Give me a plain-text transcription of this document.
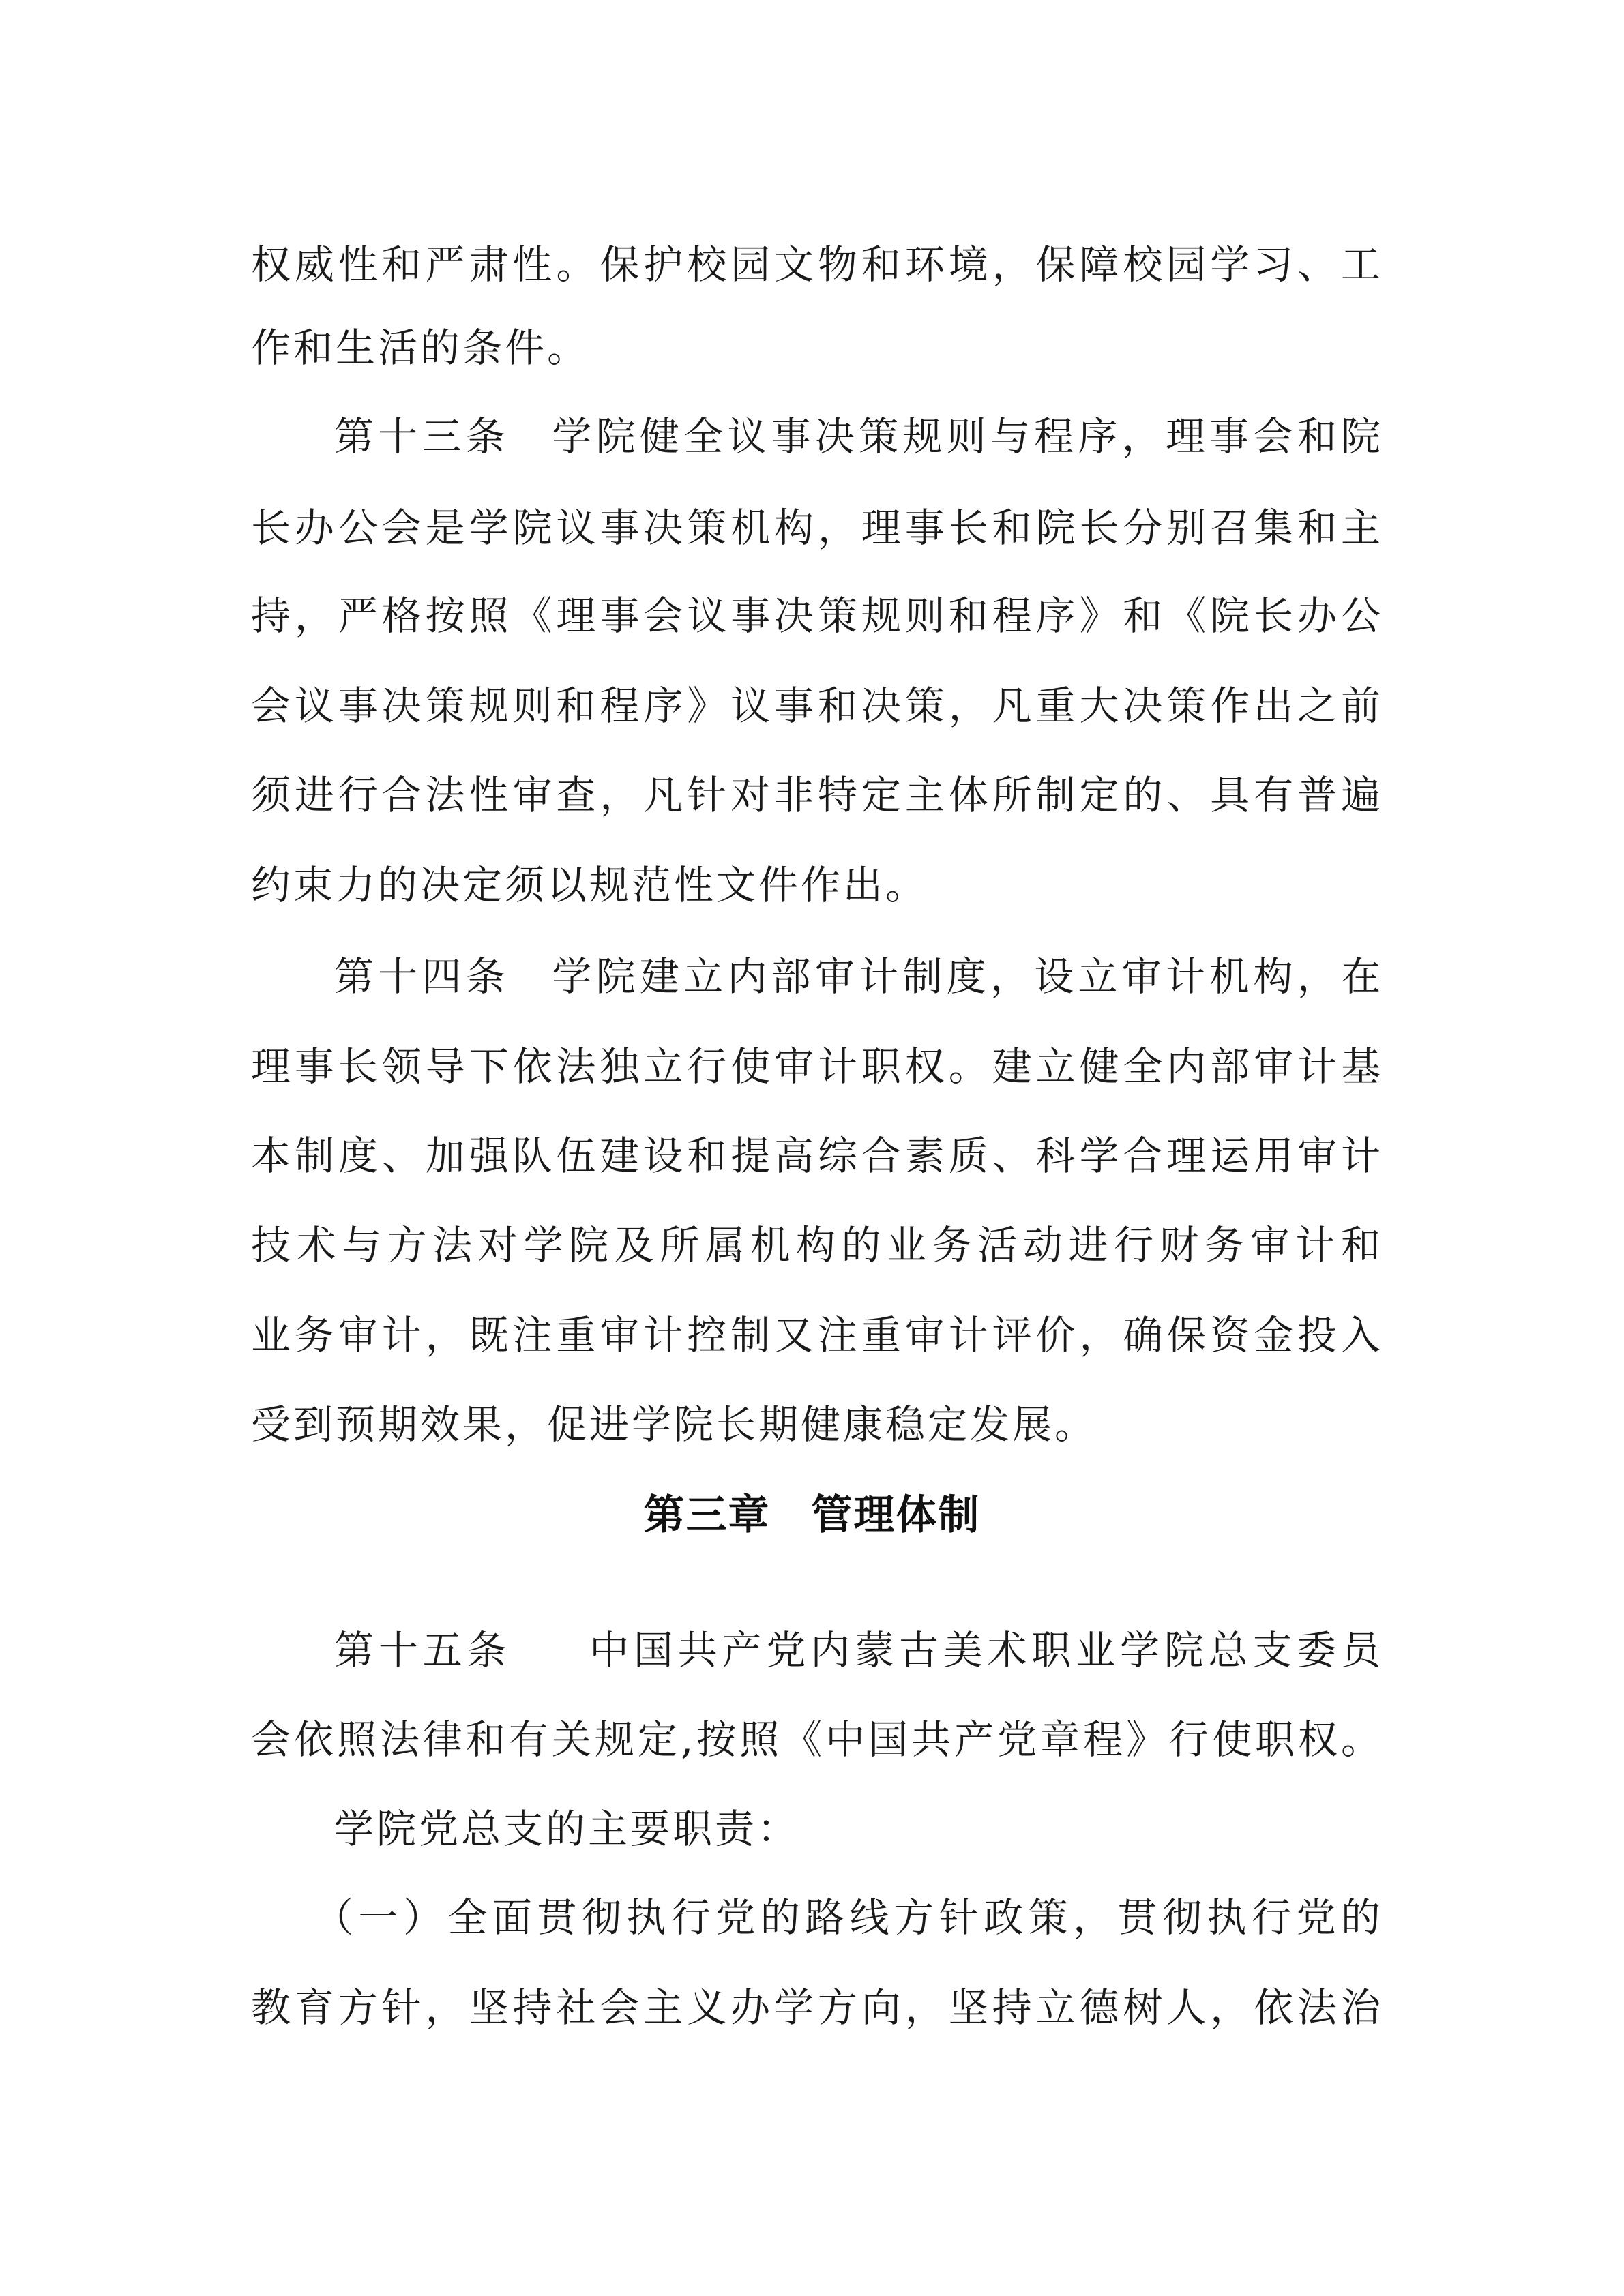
权威性和严肃性。保护校园文物和环境，保障校园学习、工
作和生活的条件。
第十三条 学院健全议事决策规则与程序，理事会和院
长办公会是学院议事决策机构，理事长和院长分别召集和主
持，严格按照《理事会议事决策规则和程序》和《院长办公
会议事决策规则和程序》议事和决策，凡重大决策作出之前
须进行合法性审查，凡针对非特定主体所制定的、具有普遍
约束力的决定须以规范性文件作出。
第十四条 学院建立内部审计制度，设立审计机构，在
理事长领导下依法独立行使审计职权。建立健全内部审计基
本制度、加强队伍建设和提高综合素质、科学合理运用审计
技术与方法对学院及所属机构的业务活动进行财务审计和
业务审计，既注重审计控制又注重审计评价，确保资金投入
受到预期效果，促进学院长期健康稳定发展。
第三章 管理体制
第十五条 中国共产党内蒙古美术职业学院总支委员
会依照法律和有关规定,按照《中国共产党章程》行使职权。
学院党总支的主要职责：
（一）全面贯彻执行党的路线方针政策，贯彻执行党的
教育方针，坚持社会主义办学方向，坚持立德树人，依法治
